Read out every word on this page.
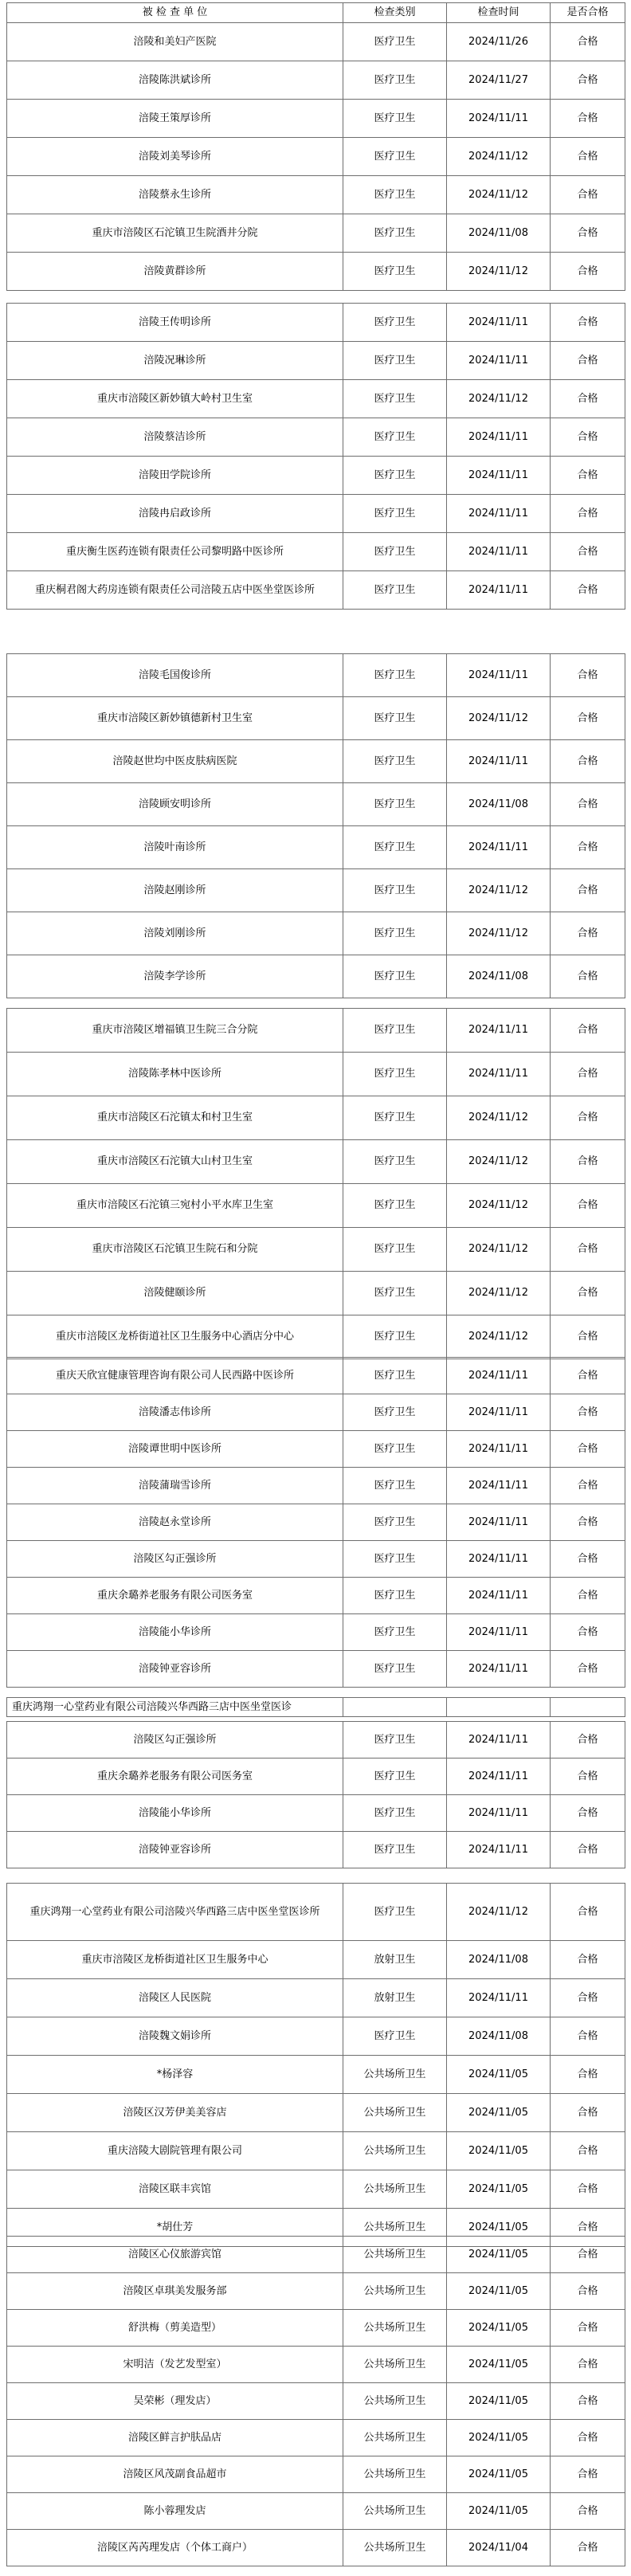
被 检 查 单 位	检查类别	检查时间	是否合格
涪陵和美妇产医院	医疗卫生	2024/11/26	合格
涪陵陈洪斌诊所	医疗卫生	2024/11/27	合格
涪陵王策厚诊所	医疗卫生	2024/11/11	合格
涪陵刘美琴诊所	医疗卫生	2024/11/12	合格
涪陵蔡永生诊所	医疗卫生	2024/11/12	合格
重庆市涪陵区石沱镇卫生院酒井分院	医疗卫生	2024/11/08	合格
涪陵黄群诊所	医疗卫生	2024/11/12	合格
涪陵王传明诊所	医疗卫生	2024/11/11	合格
涪陵况琳诊所	医疗卫生	2024/11/11	合格
重庆市涪陵区新妙镇大岭村卫生室	医疗卫生	2024/11/12	合格
涪陵蔡洁诊所	医疗卫生	2024/11/11	合格
涪陵田学院诊所	医疗卫生	2024/11/11	合格
涪陵冉启政诊所	医疗卫生	2024/11/11	合格
重庆衡生医药连锁有限责任公司黎明路中医诊所	医疗卫生	2024/11/11	合格
重庆桐君阁大药房连锁有限责任公司涪陵五店中医坐堂医诊所	医疗卫生	2024/11/11	合格
涪陵毛国俊诊所	医疗卫生	2024/11/11	合格
重庆市涪陵区新妙镇德新村卫生室	医疗卫生	2024/11/12	合格
涪陵赵世均中医皮肤病医院	医疗卫生	2024/11/11	合格
涪陵顾安明诊所	医疗卫生	2024/11/08	合格
涪陵叶南诊所	医疗卫生	2024/11/11	合格
涪陵赵刚诊所	医疗卫生	2024/11/12	合格
涪陵刘刚诊所	医疗卫生	2024/11/12	合格
涪陵李学诊所	医疗卫生	2024/11/08	合格
重庆市涪陵区增福镇卫生院三合分院	医疗卫生	2024/11/11	合格
涪陵陈孝林中医诊所	医疗卫生	2024/11/11	合格
重庆市涪陵区石沱镇太和村卫生室	医疗卫生	2024/11/12	合格
重庆市涪陵区石沱镇大山村卫生室	医疗卫生	2024/11/12	合格
重庆市涪陵区石沱镇三宛村小平水库卫生室	医疗卫生	2024/11/12	合格
重庆市涪陵区石沱镇卫生院石和分院	医疗卫生	2024/11/12	合格
涪陵健颐诊所	医疗卫生	2024/11/12	合格
重庆市涪陵区龙桥街道社区卫生服务中心酒店分中心	医疗卫生	2024/11/12	合格
重庆天欣宜健康管理咨询有限公司人民西路中医诊所	医疗卫生	2024/11/11	合格
涪陵潘志伟诊所	医疗卫生	2024/11/11	合格
涪陵谭世明中医诊所	医疗卫生	2024/11/11	合格
涪陵蒲瑞雪诊所	医疗卫生	2024/11/11	合格
涪陵赵永堂诊所	医疗卫生	2024/11/11	合格
涪陵区勾正强诊所	医疗卫生	2024/11/11	合格
重庆余璐养老服务有限公司医务室	医疗卫生	2024/11/11	合格
涪陵能小华诊所	医疗卫生	2024/11/11	合格
涪陵钟亚容诊所	医疗卫生	2024/11/11	合格
重庆鸿翔一心堂药业有限公司涪陵兴华西路三店中医坐堂医诊			
涪陵区勾正强诊所	医疗卫生	2024/11/11	合格
重庆余璐养老服务有限公司医务室	医疗卫生	2024/11/11	合格
涪陵能小华诊所	医疗卫生	2024/11/11	合格
涪陵钟亚容诊所	医疗卫生	2024/11/11	合格
重庆鸿翔一心堂药业有限公司涪陵兴华西路三店中医坐堂医诊所	医疗卫生	2024/11/12	合格
重庆市涪陵区龙桥街道社区卫生服务中心	放射卫生	2024/11/08	合格
涪陵区人民医院	放射卫生	2024/11/11	合格
涪陵魏文娟诊所	医疗卫生	2024/11/08	合格
*杨泽容	公共场所卫生	2024/11/05	合格
涪陵区汉芳伊美美容店	公共场所卫生	2024/11/05	合格
重庆涪陵大剧院管理有限公司	公共场所卫生	2024/11/05	合格
涪陵区联丰宾馆	公共场所卫生	2024/11/05	合格
*胡仕芳	公共场所卫生	2024/11/05	合格
涪陵区心仪旅游宾馆	公共场所卫生	2024/11/05	合格
涪陵区卓琪美发服务部	公共场所卫生	2024/11/05	合格
舒洪梅（剪美造型）	公共场所卫生	2024/11/05	合格
宋明洁（发艺发型室）	公共场所卫生	2024/11/05	合格
吴荣彬（理发店）	公共场所卫生	2024/11/05	合格
涪陵区鲜言护肤品店	公共场所卫生	2024/11/05	合格
涪陵区风茂副食品超市	公共场所卫生	2024/11/05	合格
陈小蓉理发店	公共场所卫生	2024/11/05	合格
涪陵区芮芮理发店（个体工商户）	公共场所卫生	2024/11/04	合格
